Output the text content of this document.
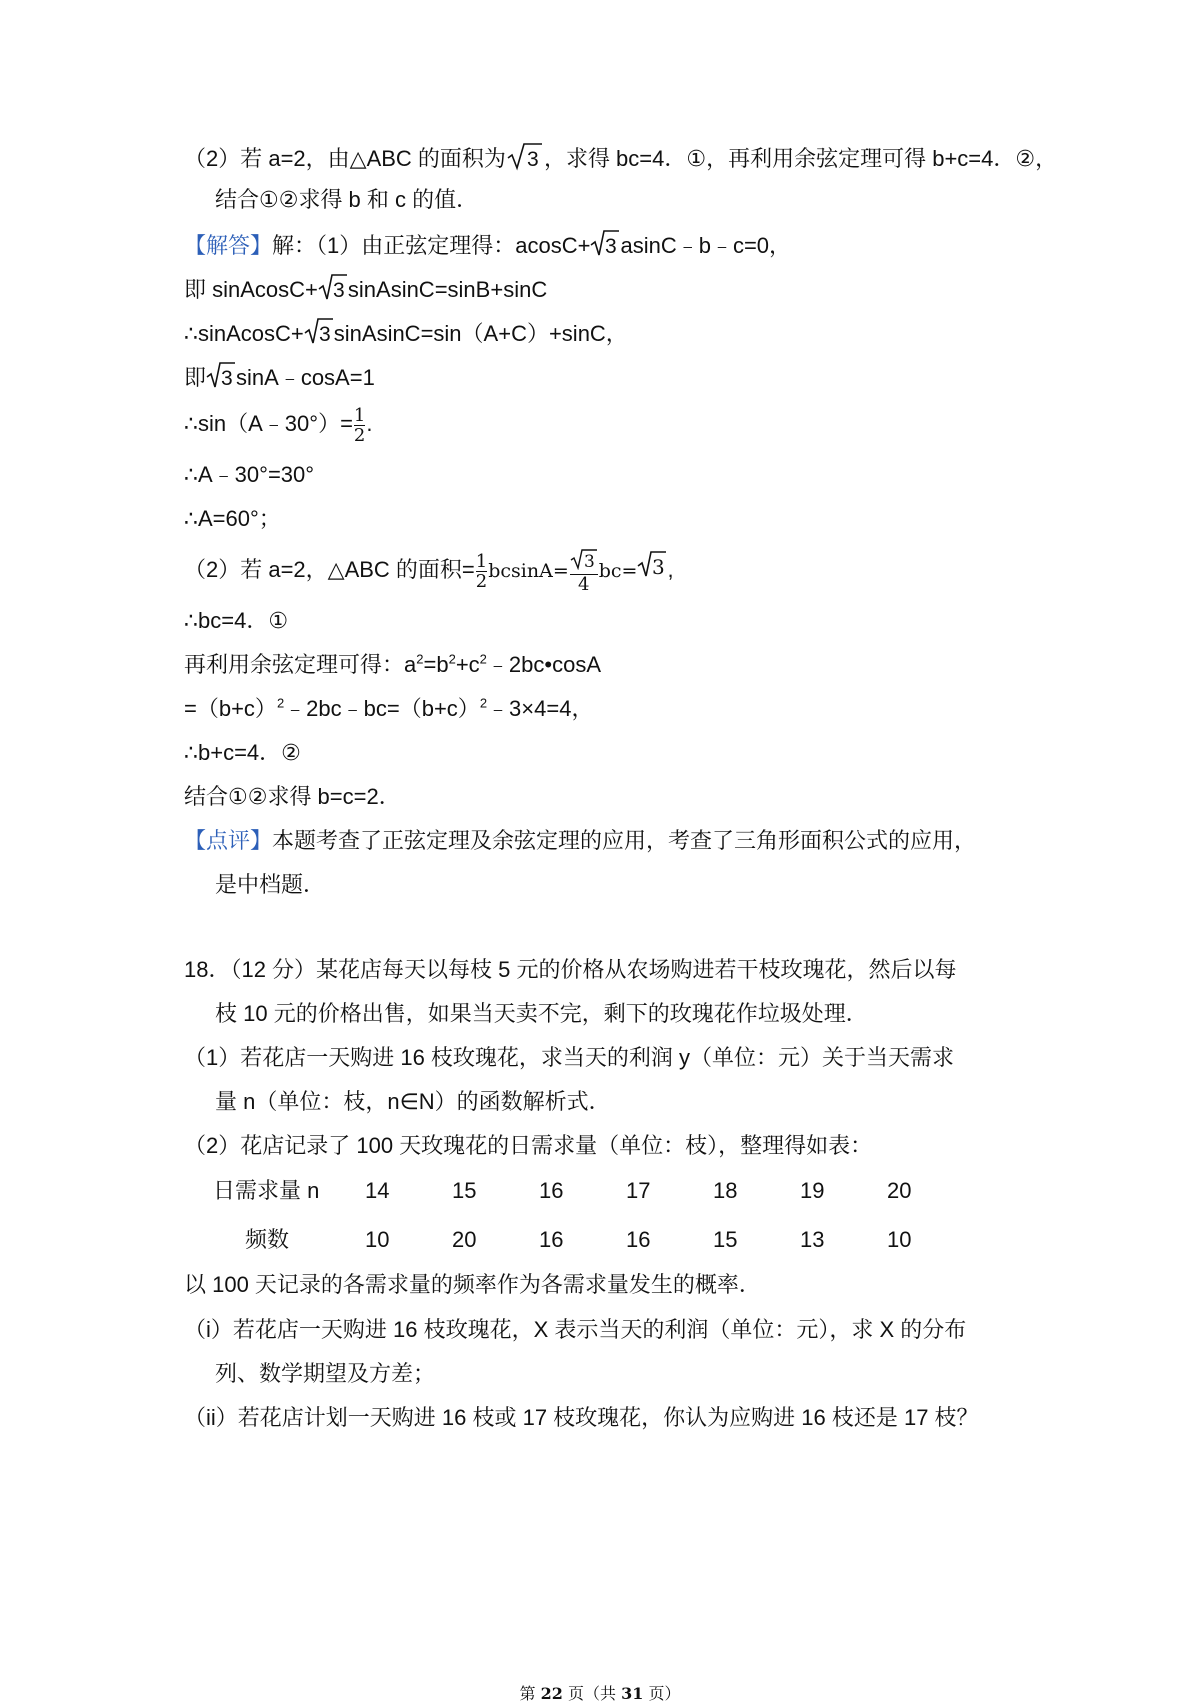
（2）若 a=2，由△ABC 的面积为 3 ，求得 bc=4．①，再利用余弦定理可得 b+c=4．②，
结合①②求得 b 和 c 的值．
【解答】解：（1）由正弦定理得：acosC+ 3 asinC﹣b﹣c=0，
即 sinAcosC+ 3 sinAsinC=sinB+sinC
∴sinAcosC+ 3 sinAsinC=sin（A+C）+sinC，
即 3 sinA﹣cosA=1
∴sin（A﹣30°）= $\frac{1}{2}$ .
∴A﹣30°=30°
∴A=60°；
（2）若 a=2，△ABC 的面积= $\frac{1}{2} bcsinA= \frac{3}{4} bc= 3$ ,
∴bc=4．①
再利用余弦定理可得：$a^2=b^2+c^2﹣2bc•\cos A$
$=(b+c)^2﹣2bc﹣bc=(b+c)^2﹣3\times 4=4$，
∴b+c=4．②
结合①②求得 b=c=2．
【点评】本题考查了正弦定理及余弦定理的应用，考查了三角形面积公式的应用，
是中档题．
18．（12 分）某花店每天以每枝 5 元的价格从农场购进若干枝玫瑰花，然后以每
枝 10 元的价格出售，如果当天卖不完，剩下的玫瑰花作垃圾处理．
（1）若花店一天购进 16 枝玫瑰花，求当天的利润 y（单位：元）关于当天需求
量 n（单位：枝，n∈N）的函数解析式．
（2）花店记录了 100 天玫瑰花的日需求量（单位：枝），整理得如表：
日需求量 n 14	15	16	17	18	19	20
频数	10	20	16	16	15	13	10
以 100 天记录的各需求量的频率作为各需求量发生的概率．
（i）若花店一天购进 16 枝玫瑰花，X 表示当天的利润（单位：元），求 X 的分布
列、数学期望及方差；
（ii）若花店计划一天购进 16 枝或 17 枝玫瑰花，你认为应购进 16 枝还是 17 枝？
第 22 页（共 31 页）
